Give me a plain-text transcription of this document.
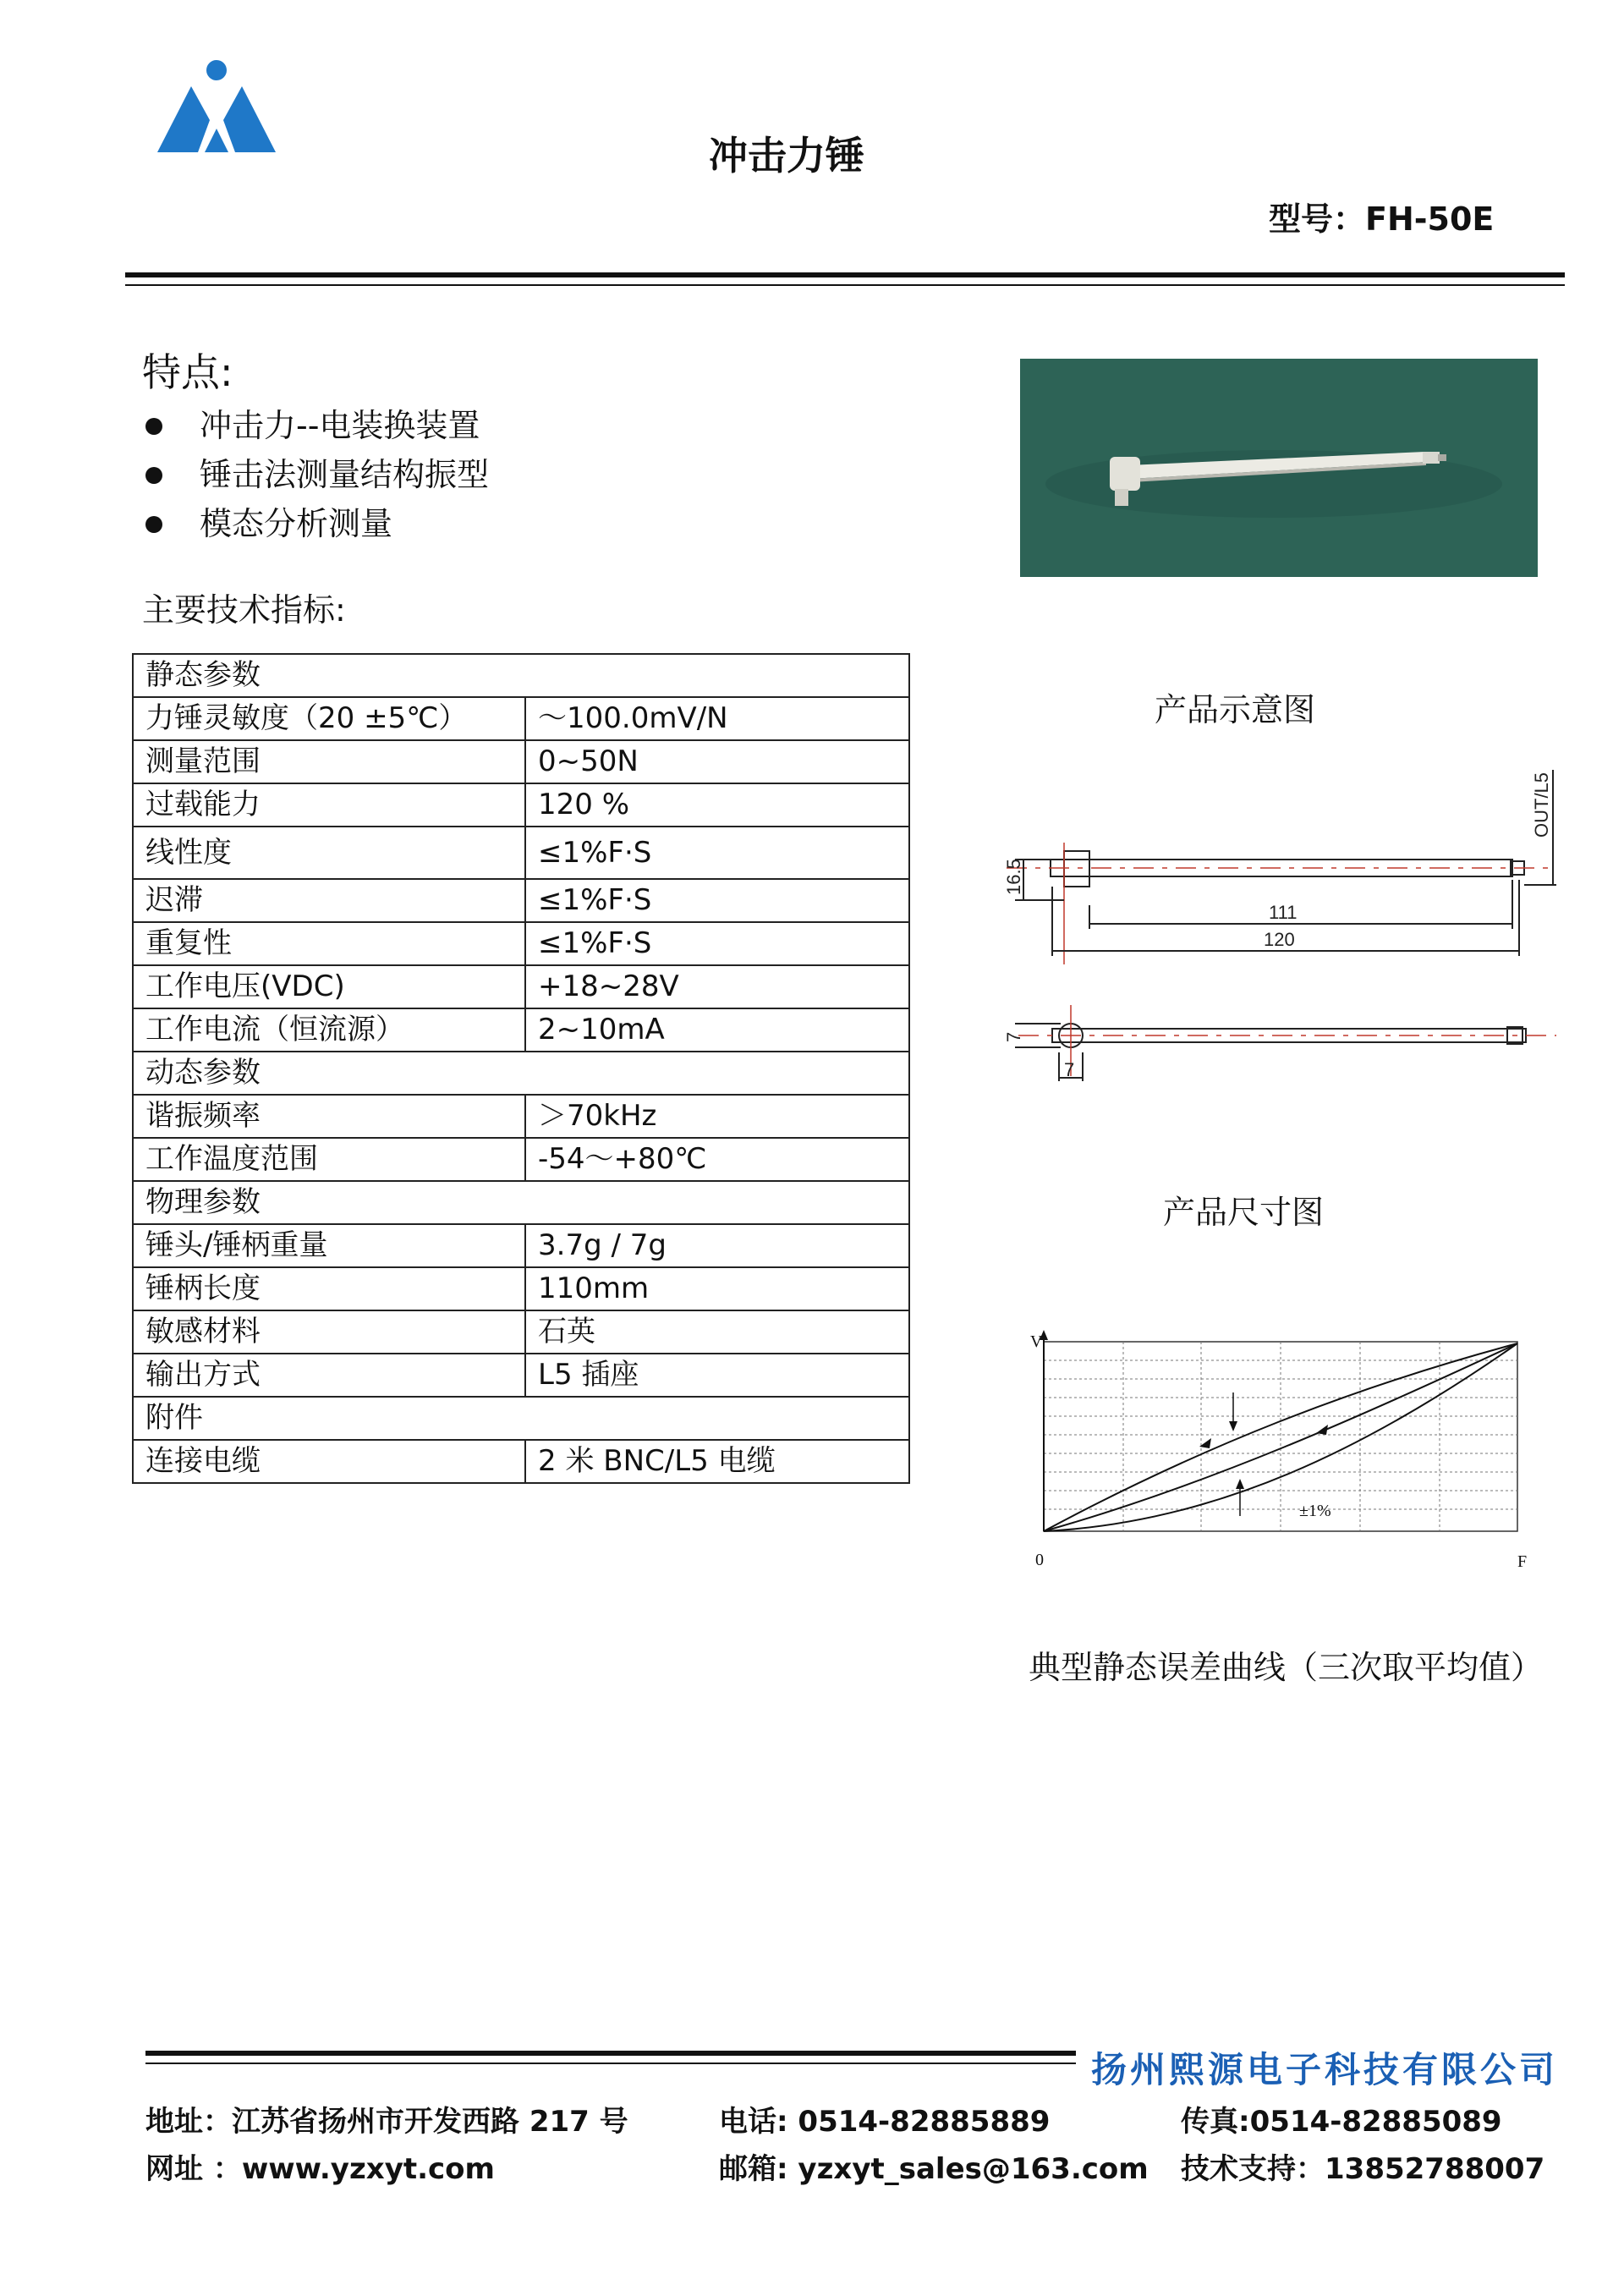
冲击力锤
型号：FH-50E
特点:
冲击力--电装换装置
锤击法测量结构振型
模态分析测量
主要技术指标:
静态参数	
力锤灵敏度（20 ±5℃）	～100.0mV/N
测量范围	0~50N
过载能力	120 %
线性度	≤1%F·S
迟滞	≤1%F·S
重复性	≤1%F·S
工作电压(VDC)	+18~28V
工作电流（恒流源）	2~10mA
动态参数	
谐振频率	＞70kHz
工作温度范围	-54～+80℃
物理参数	
锤头/锤柄重量	3.7g / 7g
锤柄长度	110mm
敏感材料	石英
输出方式	L5 插座
附件	
连接电缆	2 米 BNC/L5 电缆
产品示意图
产品尺寸图
典型静态误差曲线（三次取平均值）
16.5
111
120
OUT/L5
7
7
V
0	F
±1%
扬州熙源电子科技有限公司
地址：江苏省扬州市开发西路 217 号	电话: 0514-82885889	传真:0514-82885089
网址 ：www.yzxyt.com	邮箱: yzxyt_sales@163.com 技术支持：13852788007
